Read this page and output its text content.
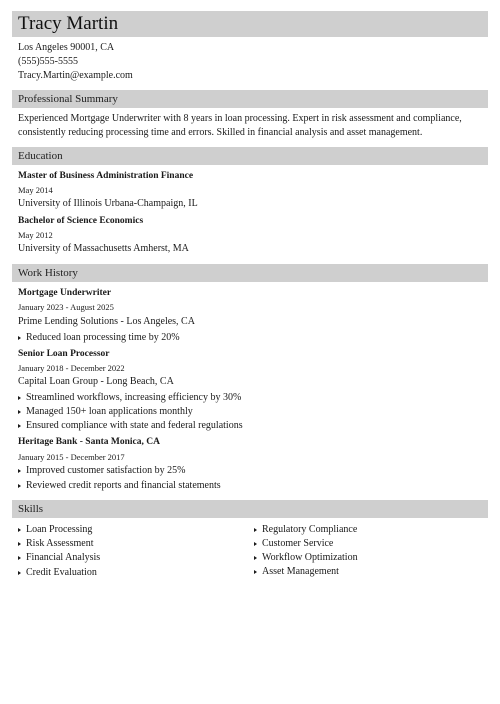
Tracy Martin
Los Angeles 90001, CA
(555)555-5555
Tracy.Martin@example.com
Professional Summary
Experienced Mortgage Underwriter with 8 years in loan processing. Expert in risk assessment and compliance, consistently reducing processing time and errors. Skilled in financial analysis and asset management.
Education
Master of Business Administration Finance
May 2014
University of Illinois Urbana-Champaign, IL
Bachelor of Science Economics
May 2012
University of Massachusetts Amherst, MA
Work History
Mortgage Underwriter
January 2023 - August 2025
Prime Lending Solutions - Los Angeles, CA
Reduced loan processing time by 20%
Senior Loan Processor
January 2018 - December 2022
Capital Loan Group - Long Beach, CA
Streamlined workflows, increasing efficiency by 30%
Managed 150+ loan applications monthly
Ensured compliance with state and federal regulations
Heritage Bank - Santa Monica, CA
January 2015 - December 2017
Improved customer satisfaction by 25%
Reviewed credit reports and financial statements
Skills
Loan Processing
Risk Assessment
Financial Analysis
Credit Evaluation
Regulatory Compliance
Customer Service
Workflow Optimization
Asset Management
